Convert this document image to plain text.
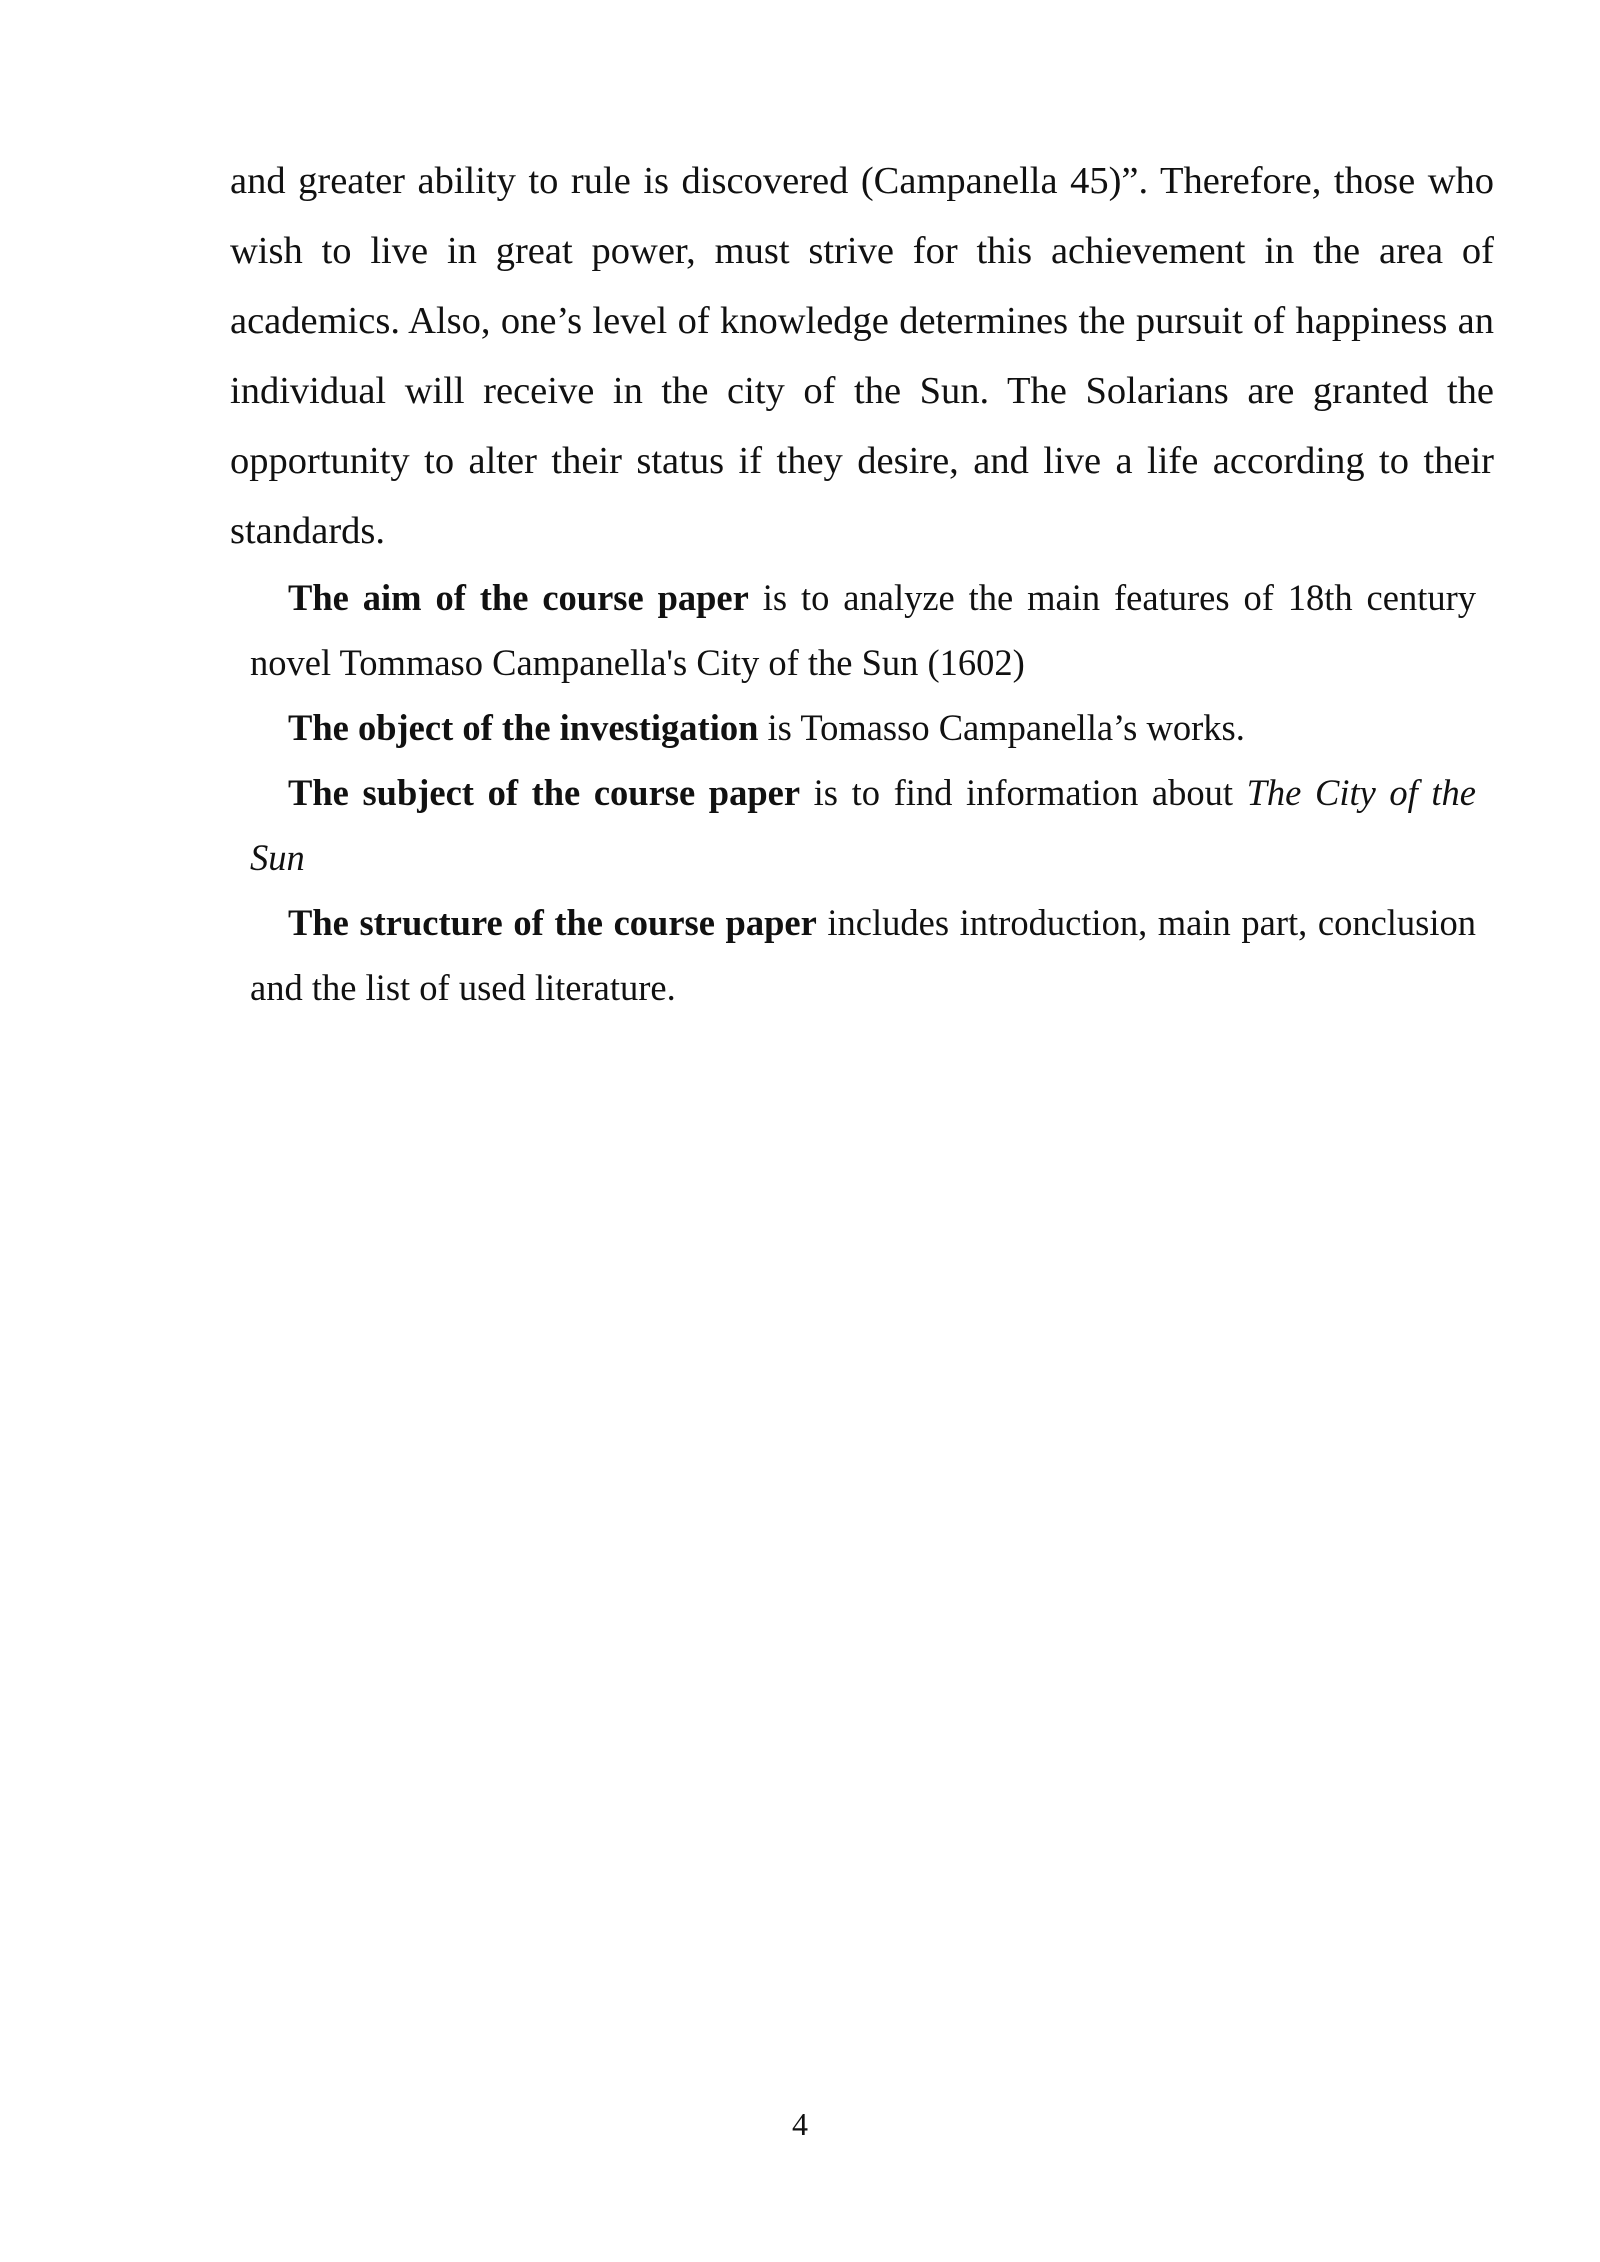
and greater ability to rule is discovered (Campanella 45)”. Therefore, those who wish to live in great power, must strive for this achievement in the area of academics. Also, one’s level of knowledge determines the pursuit of happiness an individual will receive in the city of the Sun. The Solarians are granted the opportunity to alter their status if they desire, and live a life according to their standards.

The aim of the course paper is to analyze the main features of 18th century novel Tommaso Campanella's City of the Sun (1602)

The object of the investigation is Tomasso Campanella’s works.

The subject of the course paper is to find information about The City of the Sun

The structure of the course paper includes introduction, main part, conclusion and the list of used literature.

4
